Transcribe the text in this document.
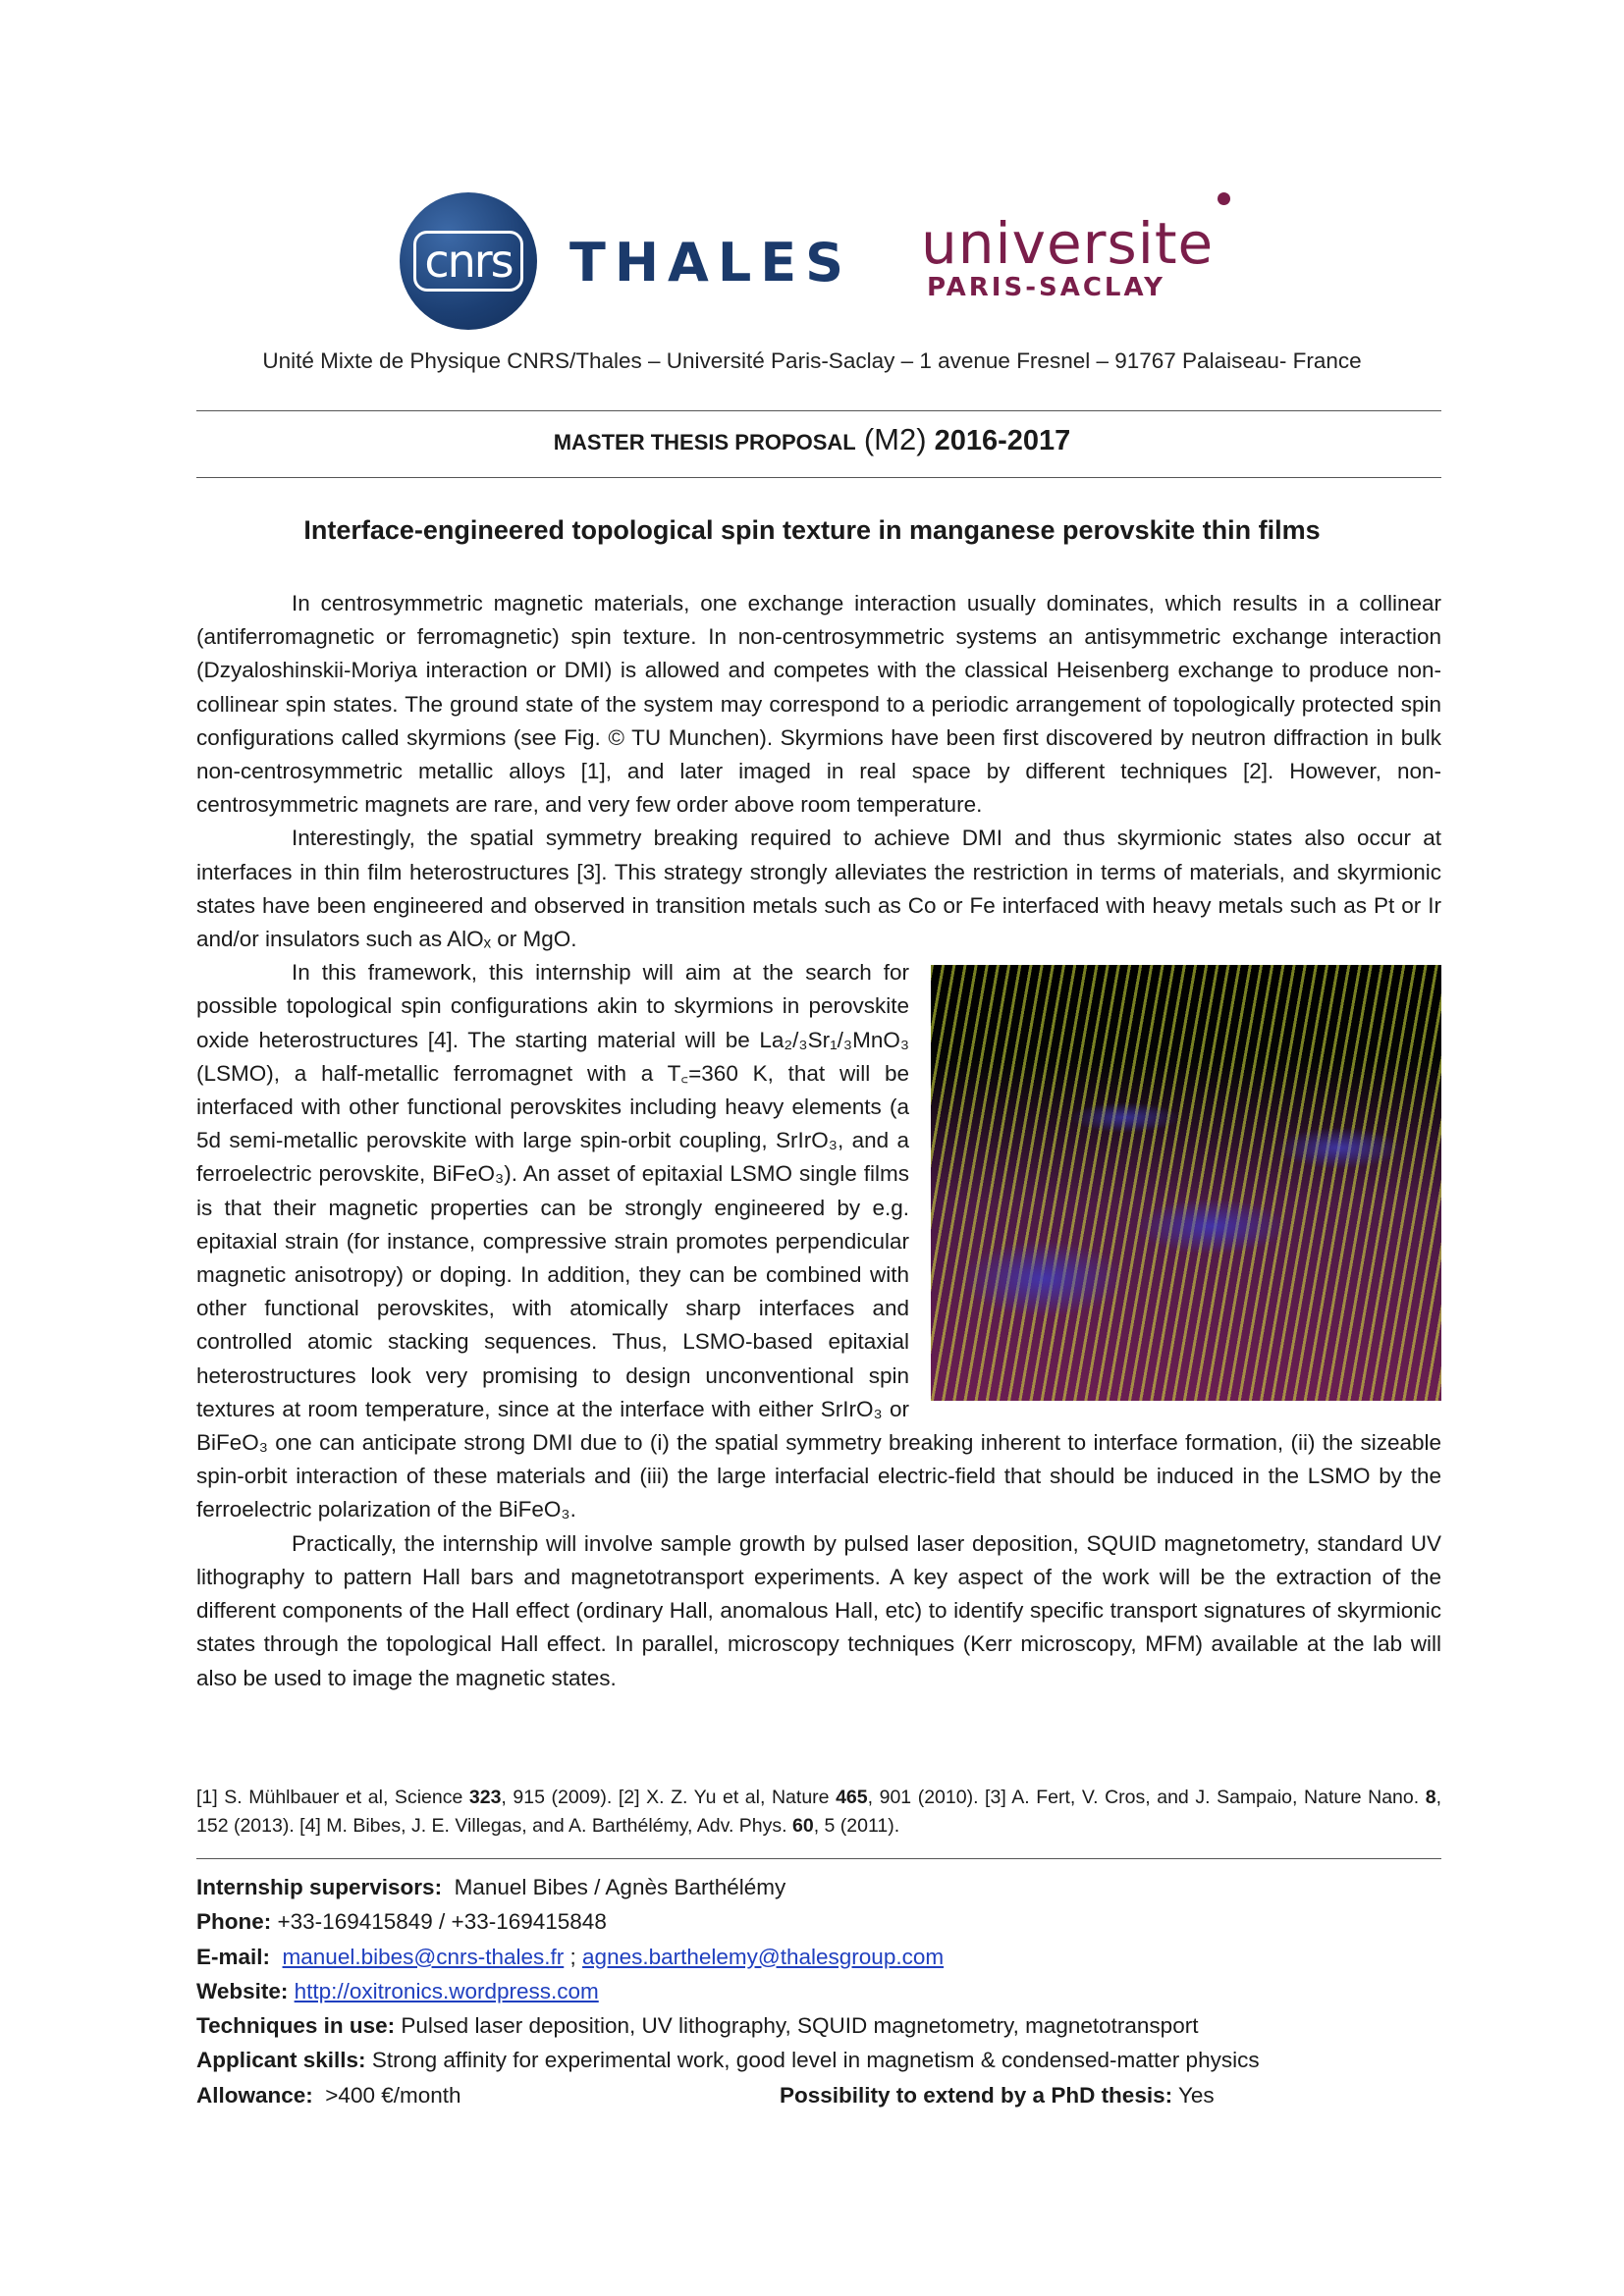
cnrs THALES universite
PARIS-SACLAY
Unité Mixte de Physique CNRS/Thales – Université Paris-Saclay – 1 avenue Fresnel – 91767 Palaiseau- France
MASTER THESIS PROPOSAL (M2) 2016-2017
Interface-engineered topological spin texture in manganese perovskite thin films

In centrosymmetric magnetic materials, one exchange interaction usually dominates, which results in a collinear (antiferromagnetic or ferromagnetic) spin texture. In non-centrosymmetric systems an antisymmetric exchange interaction (Dzyaloshinskii-Moriya interaction or DMI) is allowed and competes with the classical Heisenberg exchange to produce non-collinear spin states. The ground state of the system may correspond to a periodic arrangement of topologically protected spin configurations called skyrmions (see Fig. © TU Munchen). Skyrmions have been first discovered by neutron diffraction in bulk non-centrosymmetric metallic alloys [1], and later imaged in real space by different techniques [2]. However, non-centrosymmetric magnets are rare, and very few order above room temperature.

Interestingly, the spatial symmetry breaking required to achieve DMI and thus skyrmionic states also occur at interfaces in thin film heterostructures [3]. This strategy strongly alleviates the restriction in terms of materials, and skyrmionic states have been engineered and observed in transition metals such as Co or Fe interfaced with heavy metals such as Pt or Ir and/or insulators such as AlOₓ or MgO.

In this framework, this internship will aim at the search for possible topological spin configurations akin to skyrmions in perovskite oxide heterostructures [4]. The starting material will be La₂/₃Sr₁/₃MnO₃ (LSMO), a half-metallic ferromagnet with a T꜀=360 K, that will be interfaced with other functional perovskites including heavy elements (a 5d semi-metallic perovskite with large spin-orbit coupling, SrIrO₃, and a ferroelectric perovskite, BiFeO₃). An asset of epitaxial LSMO single films is that their magnetic properties can be strongly engineered by e.g. epitaxial strain (for instance, compressive strain promotes perpendicular magnetic anisotropy) or doping. In addition, they can be combined with other functional perovskites, with atomically sharp interfaces and controlled atomic stacking sequences. Thus, LSMO-based epitaxial heterostructures look very promising to design unconventional spin textures at room temperature, since at the interface with either SrIrO₃ or BiFeO₃ one can anticipate strong DMI due to (i) the spatial symmetry breaking inherent to interface formation, (ii) the sizeable spin-orbit interaction of these materials and (iii) the large interfacial electric-field that should be induced in the LSMO by the ferroelectric polarization of the BiFeO₃.

Practically, the internship will involve sample growth by pulsed laser deposition, SQUID magnetometry, standard UV lithography to pattern Hall bars and magnetotransport experiments. A key aspect of the work will be the extraction of the different components of the Hall effect (ordinary Hall, anomalous Hall, etc) to identify specific transport signatures of skyrmionic states through the topological Hall effect. In parallel, microscopy techniques (Kerr microscopy, MFM) available at the lab will also be used to image the magnetic states.

[1] S. Mühlbauer et al, Science 323, 915 (2009). [2] X. Z. Yu et al, Nature 465, 901 (2010). [3] A. Fert, V. Cros, and J. Sampaio, Nature Nano. 8, 152 (2013). [4] M. Bibes, J. E. Villegas, and A. Barthélémy, Adv. Phys. 60, 5 (2011).
Internship supervisors: Manuel Bibes / Agnès Barthélémy
Phone: +33-169415849 / +33-169415848
E-mail: manuel.bibes@cnrs-thales.fr ; agnes.barthelemy@thalesgroup.com
Website: http://oxitronics.wordpress.com
Techniques in use: Pulsed laser deposition, UV lithography, SQUID magnetometry, magnetotransport
Applicant skills: Strong affinity for experimental work, good level in magnetism & condensed-matter physics
Allowance: >400 €/month	Possibility to extend by a PhD thesis: Yes
